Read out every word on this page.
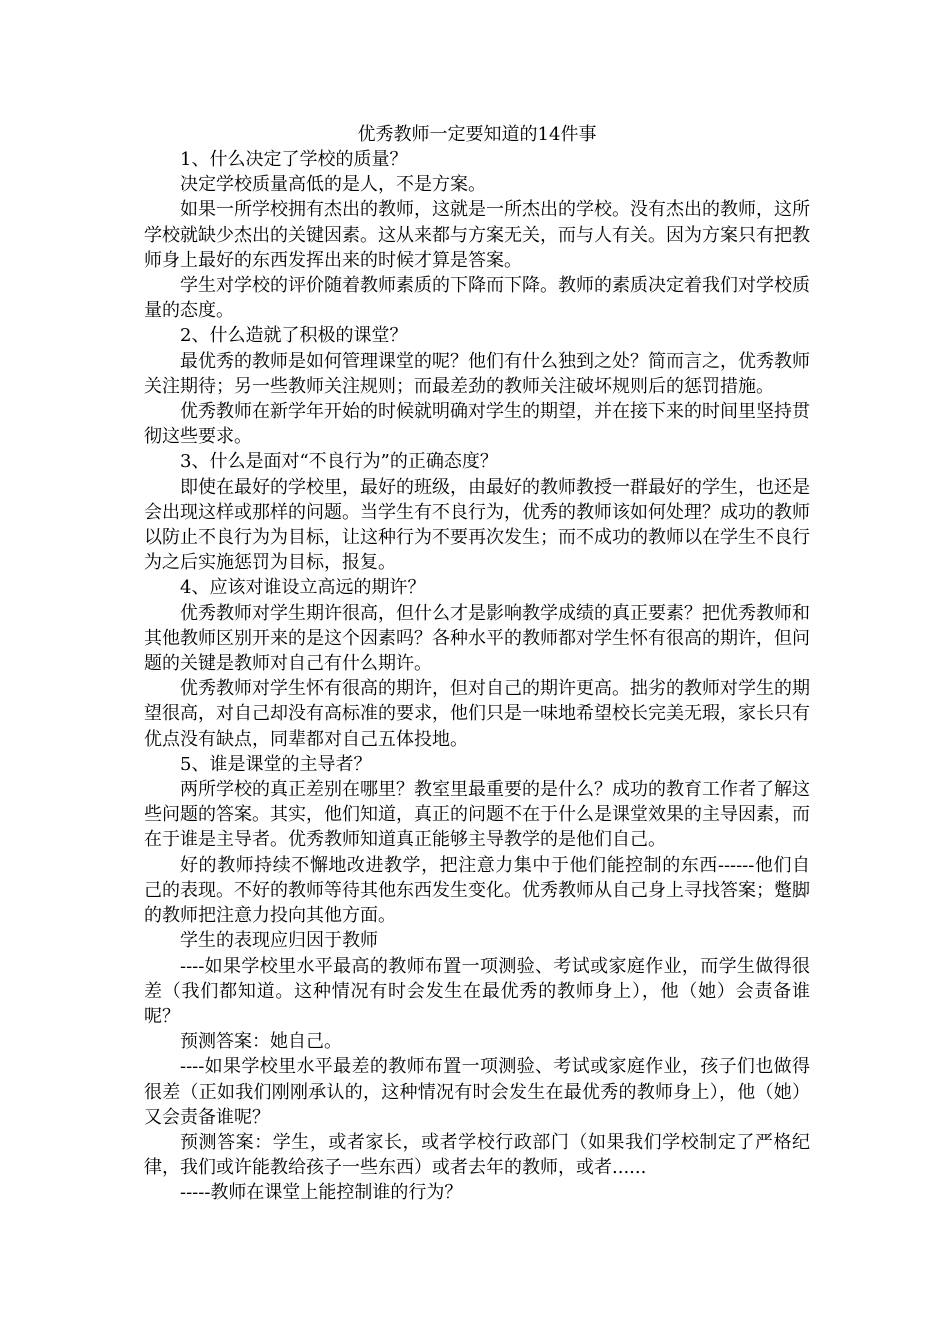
优秀教师一定要知道的14件事

1、什么决定了学校的质量？

决定学校质量高低的是人，不是方案。

如果一所学校拥有杰出的教师，这就是一所杰出的学校。没有杰出的教师，这所学校就缺少杰出的关键因素。这从来都与方案无关，而与人有关。因为方案只有把教师身上最好的东西发挥出来的时候才算是答案。

学生对学校的评价随着教师素质的下降而下降。教师的素质决定着我们对学校质量的态度。

2、什么造就了积极的课堂？

最优秀的教师是如何管理课堂的呢？他们有什么独到之处？简而言之，优秀教师关注期待；另一些教师关注规则；而最差劲的教师关注破坏规则后的惩罚措施。

优秀教师在新学年开始的时候就明确对学生的期望，并在接下来的时间里坚持贯彻这些要求。

3、什么是面对“不良行为”的正确态度？

即使在最好的学校里，最好的班级，由最好的教师教授一群最好的学生，也还是会出现这样或那样的问题。当学生有不良行为，优秀的教师该如何处理？成功的教师以防止不良行为为目标，让这种行为不要再次发生；而不成功的教师以在学生不良行为之后实施惩罚为目标，报复。

4、应该对谁设立高远的期许？

优秀教师对学生期许很高，但什么才是影响教学成绩的真正要素？把优秀教师和其他教师区别开来的是这个因素吗？各种水平的教师都对学生怀有很高的期许，但问题的关键是教师对自己有什么期许。

优秀教师对学生怀有很高的期许，但对自己的期许更高。拙劣的教师对学生的期望很高，对自己却没有高标准的要求，他们只是一味地希望校长完美无瑕，家长只有优点没有缺点，同辈都对自己五体投地。

5、谁是课堂的主导者？

两所学校的真正差别在哪里？教室里最重要的是什么？成功的教育工作者了解这些问题的答案。其实，他们知道，真正的问题不在于什么是课堂效果的主导因素，而在于谁是主导者。优秀教师知道真正能够主导教学的是他们自己。

好的教师持续不懈地改进教学，把注意力集中于他们能控制的东西------他们自己的表现。不好的教师等待其他东西发生变化。优秀教师从自己身上寻找答案；蹩脚的教师把注意力投向其他方面。

学生的表现应归因于教师

----如果学校里水平最高的教师布置一项测验、考试或家庭作业，而学生做得很差（我们都知道。这种情况有时会发生在最优秀的教师身上），他（她）会责备谁呢？

预测答案：她自己。

----如果学校里水平最差的教师布置一项测验、考试或家庭作业，孩子们也做得很差（正如我们刚刚承认的，这种情况有时会发生在最优秀的教师身上），他（她）又会责备谁呢？

预测答案：学生，或者家长，或者学校行政部门（如果我们学校制定了严格纪律，我们或许能教给孩子一些东西）或者去年的教师，或者......

-----教师在课堂上能控制谁的行为？
